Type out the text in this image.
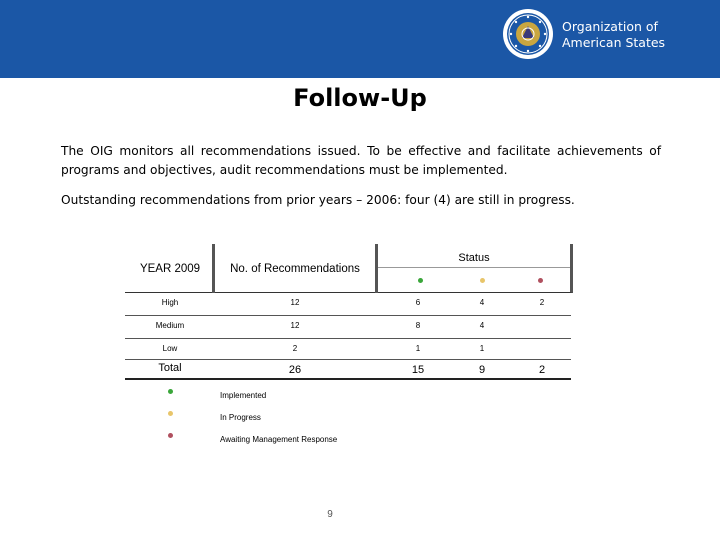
Organization of
American States
Follow-Up

The OIG monitors all recommendations issued. To be effective and facilitate achievements of programs and objectives, audit recommendations must be implemented.

Outstanding recommendations from prior years – 2006: four (4) are still in progress.

YEAR 2009	No. of Recommendations
Status
High	12	6	4	2
Medium	12	8	4
Low	2	1	1
Total	26	15	9	2
Implemented
In Progress
Awaiting Management Response
9
